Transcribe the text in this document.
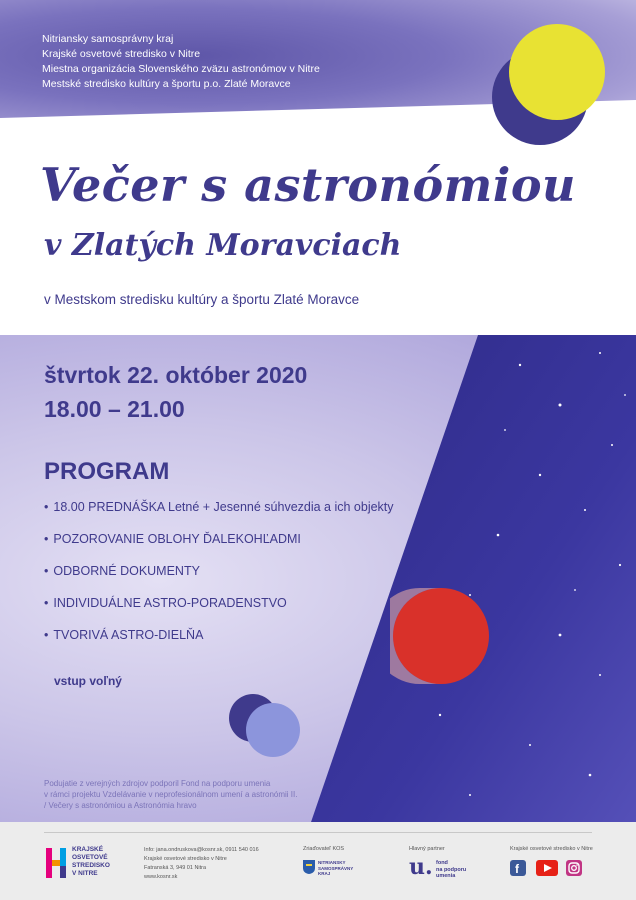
Nitriansky samosprávny kraj
Krajské osvetové stredisko v Nitre
Miestna organizácia Slovenského zväzu astronómov v Nitre
Mestské stredisko kultúry a športu p.o. Zlaté Moravce
Večer s astronómiou
v Zlatých Moravciach
v Mestskom stredisku kultúry a športu Zlaté Moravce
štvrtok 22. október 2020
18.00 – 21.00
PROGRAM
• 18.00 PREDNÁŠKA Letné + Jesenné súhvezdia a ich objekty
• POZOROVANIE OBLOHY ĎALEKOHĽADMI
• ODBORNÉ DOKUMENTY
• INDIVIDUÁLNE ASTRO-PORADENSTVO
• TVORIVÁ ASTRO-DIELŇA
vstup voľný
Podujatie z verejných zdrojov podporil Fond na podporu umenia
v rámci projektu Vzdelávanie v neprofesionálnom umení a astronómii II.
/ Večery s astronómiou a Astronómia hravo
KRAJSKÉ
OSVETOVÉ
STREDISKO
V NITRE
Info: jana.ondruskova@kosnr.sk, 0911 540 016
Krajské osvetové stredisko v Nitre
Fatranská 3, 949 01 Nitra
www.kosnr.sk
Zriaďovateľ KOS
NITRIANSKY
SAMOSPRÁVNY
KRAJ
Hlavný partner
u. fond
na podporu
umenia
Krajské osvetové stredisko v Nitre
f
